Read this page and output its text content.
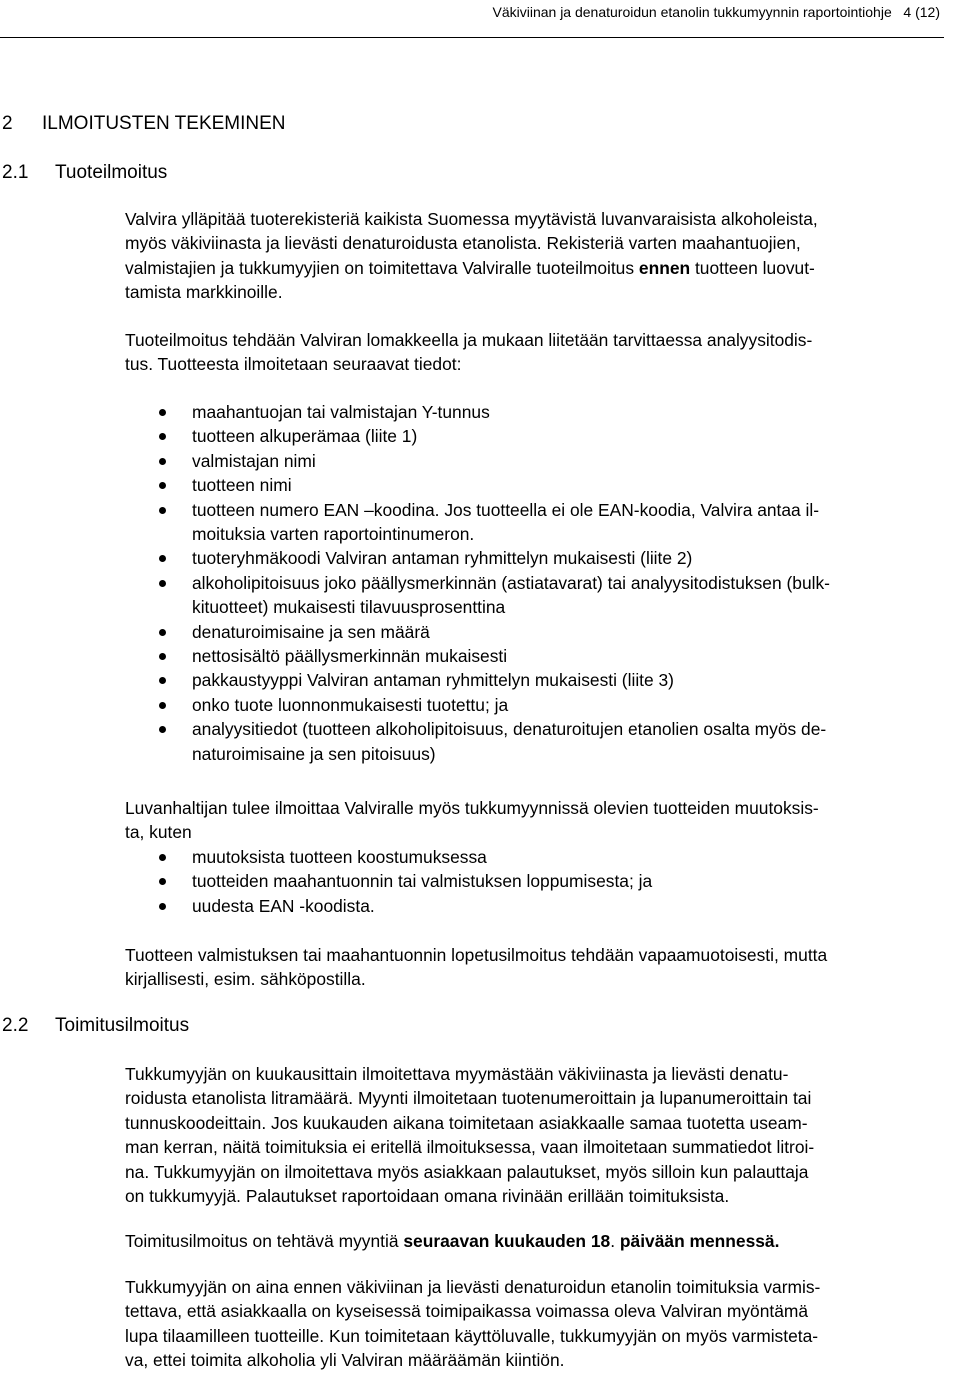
Väkiviinan ja denaturoidun etanolin tukkumyynnin raportointiohje 4 (12)
2 ILMOITUSTEN TEKEMINEN
2.1 Tuoteilmoitus
Valvira ylläpitää tuoterekisteriä kaikista Suomessa myytävistä luvanvaraisista alkoholeista,
myös väkiviinasta ja lievästi denaturoidusta etanolista. Rekisteriä varten maahantuojien,
valmistajien ja tukkumyyjien on toimitettava Valviralle tuoteilmoitus ennen tuotteen luovut-
tamista markkinoille.
Tuoteilmoitus tehdään Valviran lomakkeella ja mukaan liitetään tarvittaessa analyysitodis-
tus. Tuotteesta ilmoitetaan seuraavat tiedot:
maahantuojan tai valmistajan Y-tunnus
tuotteen alkuperämaa (liite 1)
valmistajan nimi
tuotteen nimi
tuotteen numero EAN –koodina. Jos tuotteella ei ole EAN-koodia, Valvira antaa il-
moituksia varten raportointinumeron.
tuoteryhmäkoodi Valviran antaman ryhmittelyn mukaisesti (liite 2)
alkoholipitoisuus joko päällysmerkinnän (astiatavarat) tai analyysitodistuksen (bulk-
kituotteet) mukaisesti tilavuusprosenttina
denaturoimisaine ja sen määrä
nettosisältö päällysmerkinnän mukaisesti
pakkaustyyppi Valviran antaman ryhmittelyn mukaisesti (liite 3)
onko tuote luonnonmukaisesti tuotettu; ja
analyysitiedot (tuotteen alkoholipitoisuus, denaturoitujen etanolien osalta myös de-
naturoimisaine ja sen pitoisuus)
Luvanhaltijan tulee ilmoittaa Valviralle myös tukkumyynnissä olevien tuotteiden muutoksis-
ta, kuten
muutoksista tuotteen koostumuksessa
tuotteiden maahantuonnin tai valmistuksen loppumisesta; ja
uudesta EAN -koodista.
Tuotteen valmistuksen tai maahantuonnin lopetusilmoitus tehdään vapaamuotoisesti, mutta
kirjallisesti, esim. sähköpostilla.
2.2 Toimitusilmoitus
Tukkumyyjän on kuukausittain ilmoitettava myymästään väkiviinasta ja lievästi denatu-
roidusta etanolista litramäärä. Myynti ilmoitetaan tuotenumeroittain ja lupanumeroittain tai
tunnuskoodeittain. Jos kuukauden aikana toimitetaan asiakkaalle samaa tuotetta useam-
man kerran, näitä toimituksia ei eritellä ilmoituksessa, vaan ilmoitetaan summatiedot litroi-
na. Tukkumyyjän on ilmoitettava myös asiakkaan palautukset, myös silloin kun palauttaja
on tukkumyyjä. Palautukset raportoidaan omana rivinään erillään toimituksista.
Toimitusilmoitus on tehtävä myyntiä seuraavan kuukauden 18. päivään mennessä.
Tukkumyyjän on aina ennen väkiviinan ja lievästi denaturoidun etanolin toimituksia varmis-
tettava, että asiakkaalla on kyseisessä toimipaikassa voimassa oleva Valviran myöntämä
lupa tilaamilleen tuotteille. Kun toimitetaan käyttöluvalle, tukkumyyjän on myös varmisteta-
va, ettei toimita alkoholia yli Valviran määräämän kiintiön.
